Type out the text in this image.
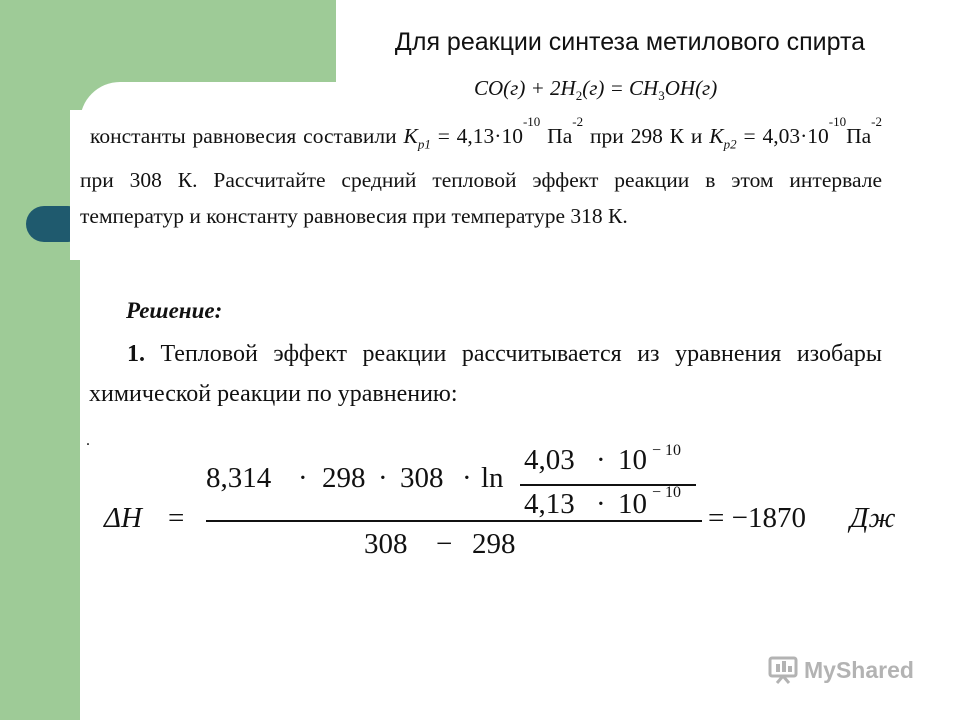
Для реакции синтеза метилового спирта
$CO(г) + 2H_2(г) = CH_3OH(г)$

константы равновесия составили $K_{p1} = 4,13\cdot 10^{-10}$ $Па^{-2}$ при 298 К и $K_{p2} = 4,03\cdot 10^{-10}Па^{-2}$ при 308 К. Рассчитайте средний тепловой эффект реакции в этом интервале температур и константу равновесия при температуре 318 К.

Решение:

1. Тепловой эффект реакции рассчитывается из уравнения изобары химической реакции по уравнению:

.
ΔH =
8,314 · 298 · 308 · ln
4,03 · 10 − 10
4,13 · 10 − 10
308 − 298
= −1870 Дж
MyShared
